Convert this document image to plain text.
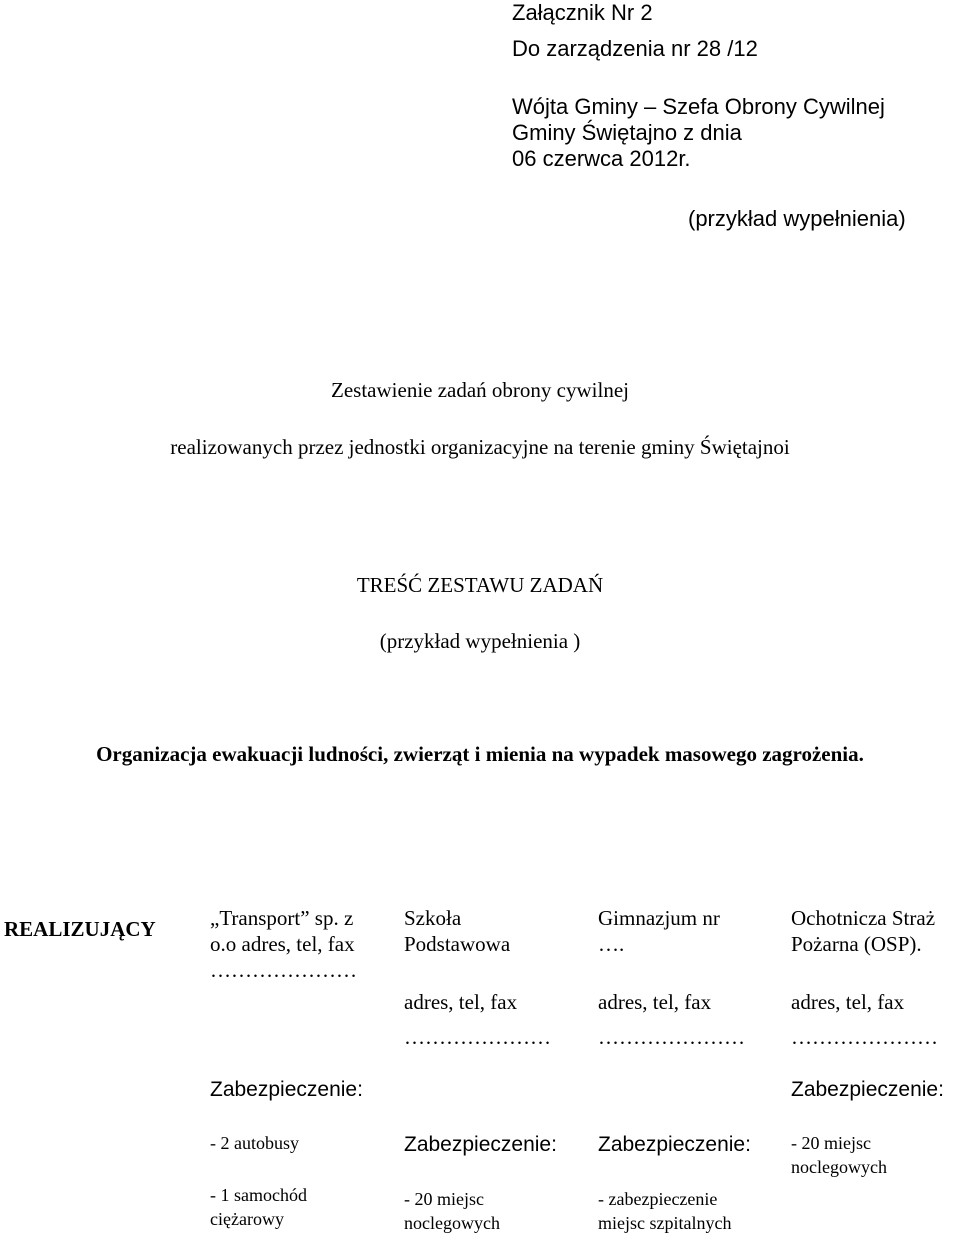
Załącznik Nr 2
Do zarządzenia nr 28 /12
Wójta Gminy – Szefa Obrony Cywilnej
Gminy Świętajno z dnia
06 czerwca 2012r.
(przykład wypełnienia)
Zestawienie zadań obrony cywilnej
realizowanych przez jednostki organizacyjne na terenie gminy Świętajnoi
TREŚĆ ZESTAWU ZADAŃ
(przykład wypełnienia )
Organizacja ewakuacji ludności, zwierząt i mienia na wypadek masowego zagrożenia.
REALIZUJĄCY	„Transport” sp. z
o.o adres, tel, fax
…………………
Zabezpieczenie:
- 2 autobusy
- 1 samochód
ciężarowy
Szkoła
Podstawowa
adres, tel, fax
…………………
Zabezpieczenie:
- 20 miejsc
noclegowych
Gimnazjum nr
….
adres, tel, fax
…………………
Zabezpieczenie:
- zabezpieczenie
miejsc szpitalnych
Ochotnicza Straż
Pożarna (OSP).
adres, tel, fax
…………………
Zabezpieczenie:
- 20 miejsc
noclegowych
